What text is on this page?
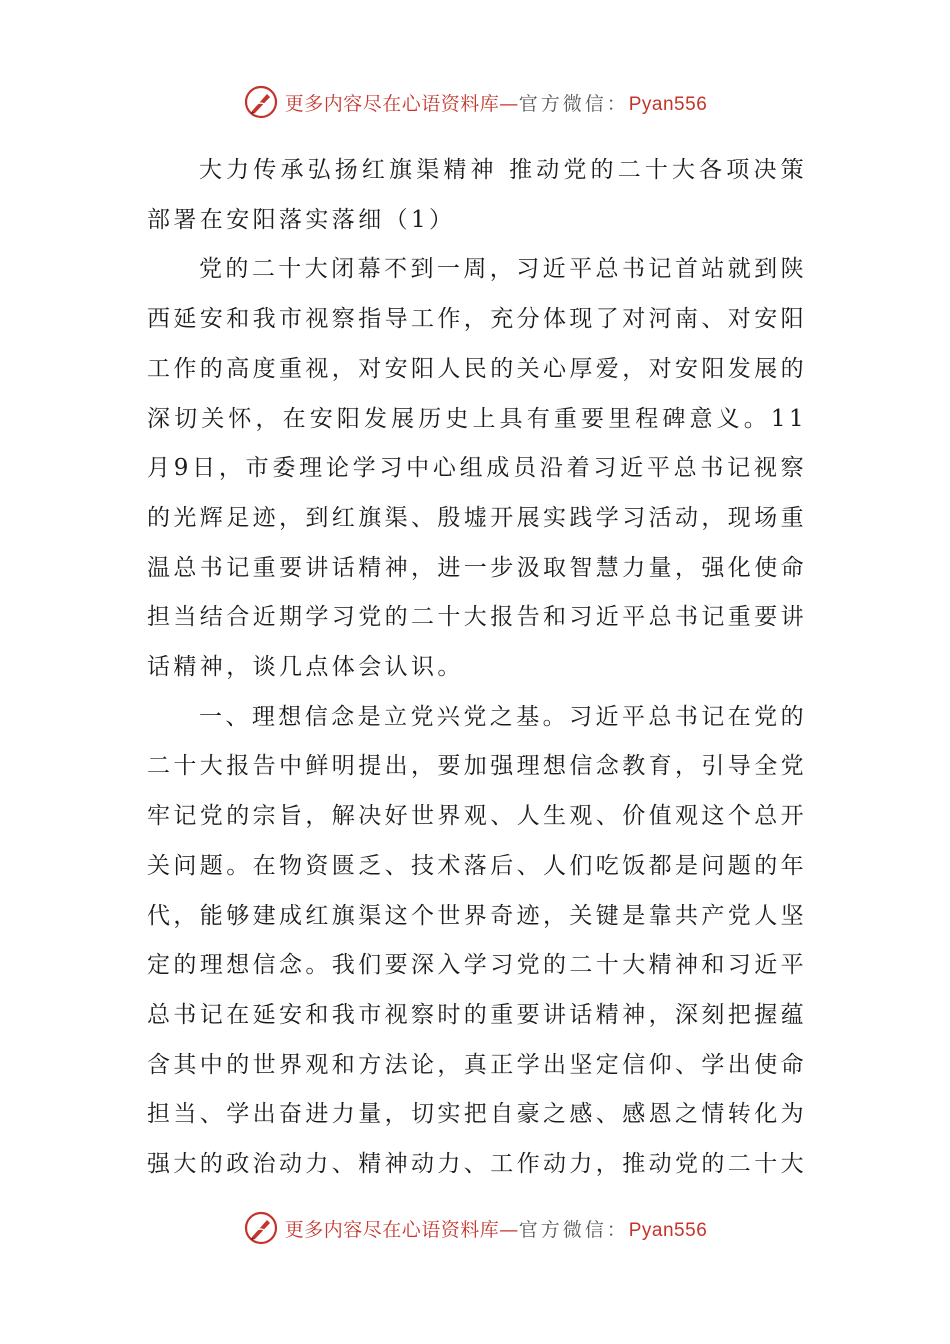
更多内容尽在心语资料库—官方微信：Pyan556

大力传承弘扬红旗渠精神 推动党的二十大各项决策部署在安阳落实落细（1）

党的二十大闭幕不到一周，习近平总书记首站就到陕西延安和我市视察指导工作，充分体现了对河南、对安阳工作的高度重视，对安阳人民的关心厚爱，对安阳发展的深切关怀，在安阳发展历史上具有重要里程碑意义。11月9日，市委理论学习中心组成员沿着习近平总书记视察的光辉足迹，到红旗渠、殷墟开展实践学习活动，现场重温总书记重要讲话精神，进一步汲取智慧力量，强化使命担当结合近期学习党的二十大报告和习近平总书记重要讲话精神，谈几点体会认识。

一、理想信念是立党兴党之基。习近平总书记在党的二十大报告中鲜明提出，要加强理想信念教育，引导全党牢记党的宗旨，解决好世界观、人生观、价值观这个总开关问题。在物资匮乏、技术落后、人们吃饭都是问题的年代，能够建成红旗渠这个世界奇迹，关键是靠共产党人坚定的理想信念。我们要深入学习党的二十大精神和习近平总书记在延安和我市视察时的重要讲话精神，深刻把握蕴含其中的世界观和方法论，真正学出坚定信仰、学出使命担当、学出奋进力量，切实把自豪之感、感恩之情转化为强大的政治动力、精神动力、工作动力，推动党的二十大

更多内容尽在心语资料库—官方微信：Pyan556
